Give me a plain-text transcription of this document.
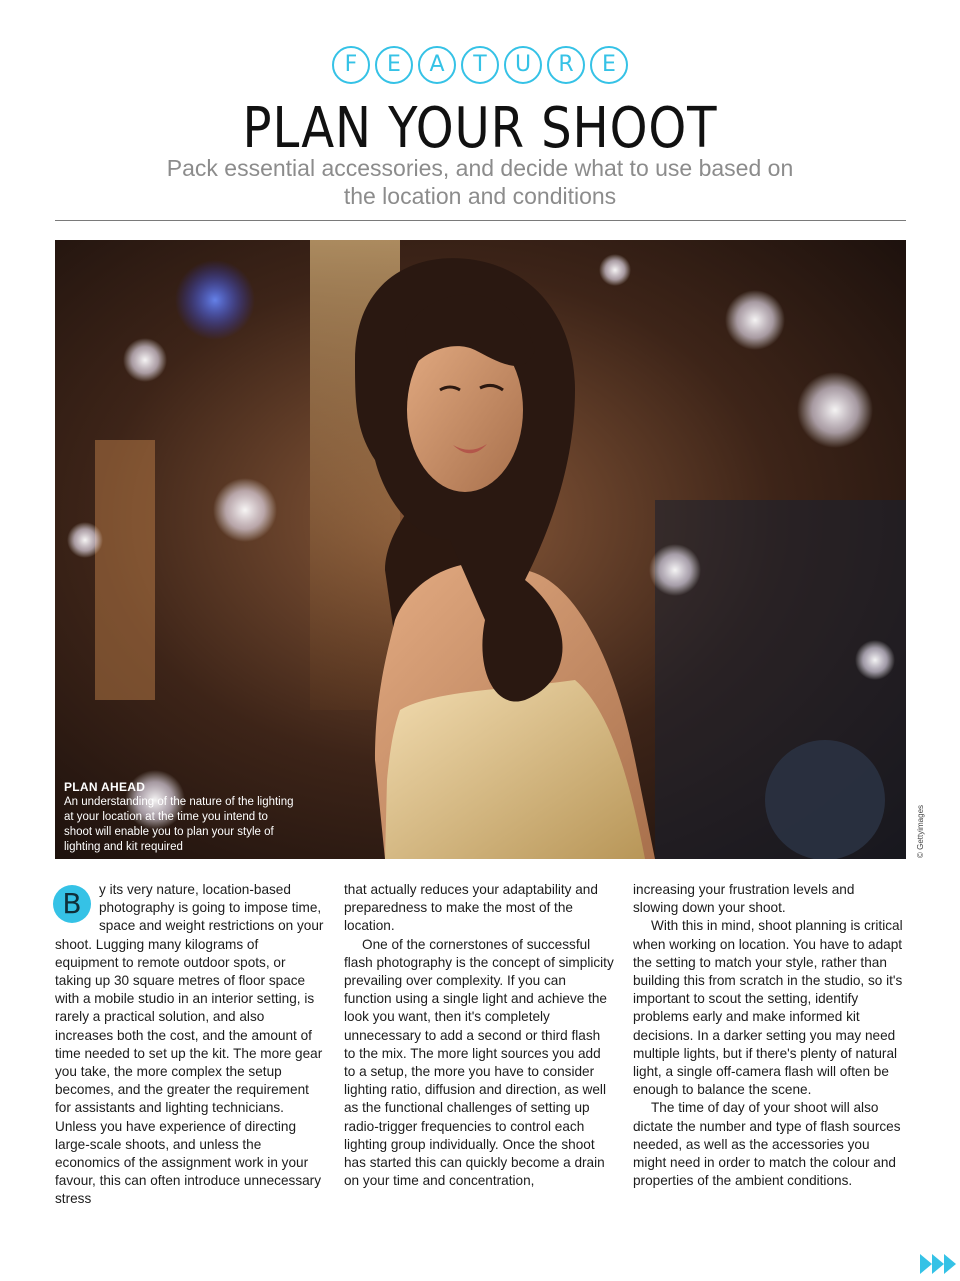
F	E	A	T	U	R	E
PLAN YOUR SHOOT

Pack essential accessories, and decide what to use based on the location and conditions

PLAN AHEAD
An understanding of the nature of the lighting at your location at the time you intend to shoot will enable you to plan your style of lighting and kit required	© Gettyimages

B	y its very nature, location-based photography is going to impose time, space and weight restrictions on your shoot. Lugging many kilograms of equipment to remote outdoor spots, or taking up 30 square metres of floor space with a mobile studio in an interior setting, is rarely a practical solution, and also increases both the cost, and the amount of time needed to set up the kit. The more gear you take, the more complex the setup becomes, and the greater the requirement for assistants and lighting technicians. Unless you have experience of directing large-scale shoots, and unless the economics of the assignment work in your favour, this can often introduce unnecessary stress

that actually reduces your adaptability and preparedness to make the most of the location.

One of the cornerstones of successful flash photography is the concept of simplicity prevailing over complexity. If you can function using a single light and achieve the look you want, then it's completely unnecessary to add a second or third flash to the mix. The more light sources you add to a setup, the more you have to consider lighting ratio, diffusion and direction, as well as the functional challenges of setting up radio-trigger frequencies to control each lighting group individually. Once the shoot has started this can quickly become a drain on your time and concentration,

increasing your frustration levels and slowing down your shoot.

With this in mind, shoot planning is critical when working on location. You have to adapt the setting to match your style, rather than building this from scratch in the studio, so it's important to scout the setting, identify problems early and make informed kit decisions. In a darker setting you may need multiple lights, but if there's plenty of natural light, a single off-camera flash will often be enough to balance the scene.

The time of day of your shoot will also dictate the number and type of flash sources needed, as well as the accessories you might need in order to match the colour and properties of the ambient conditions.
